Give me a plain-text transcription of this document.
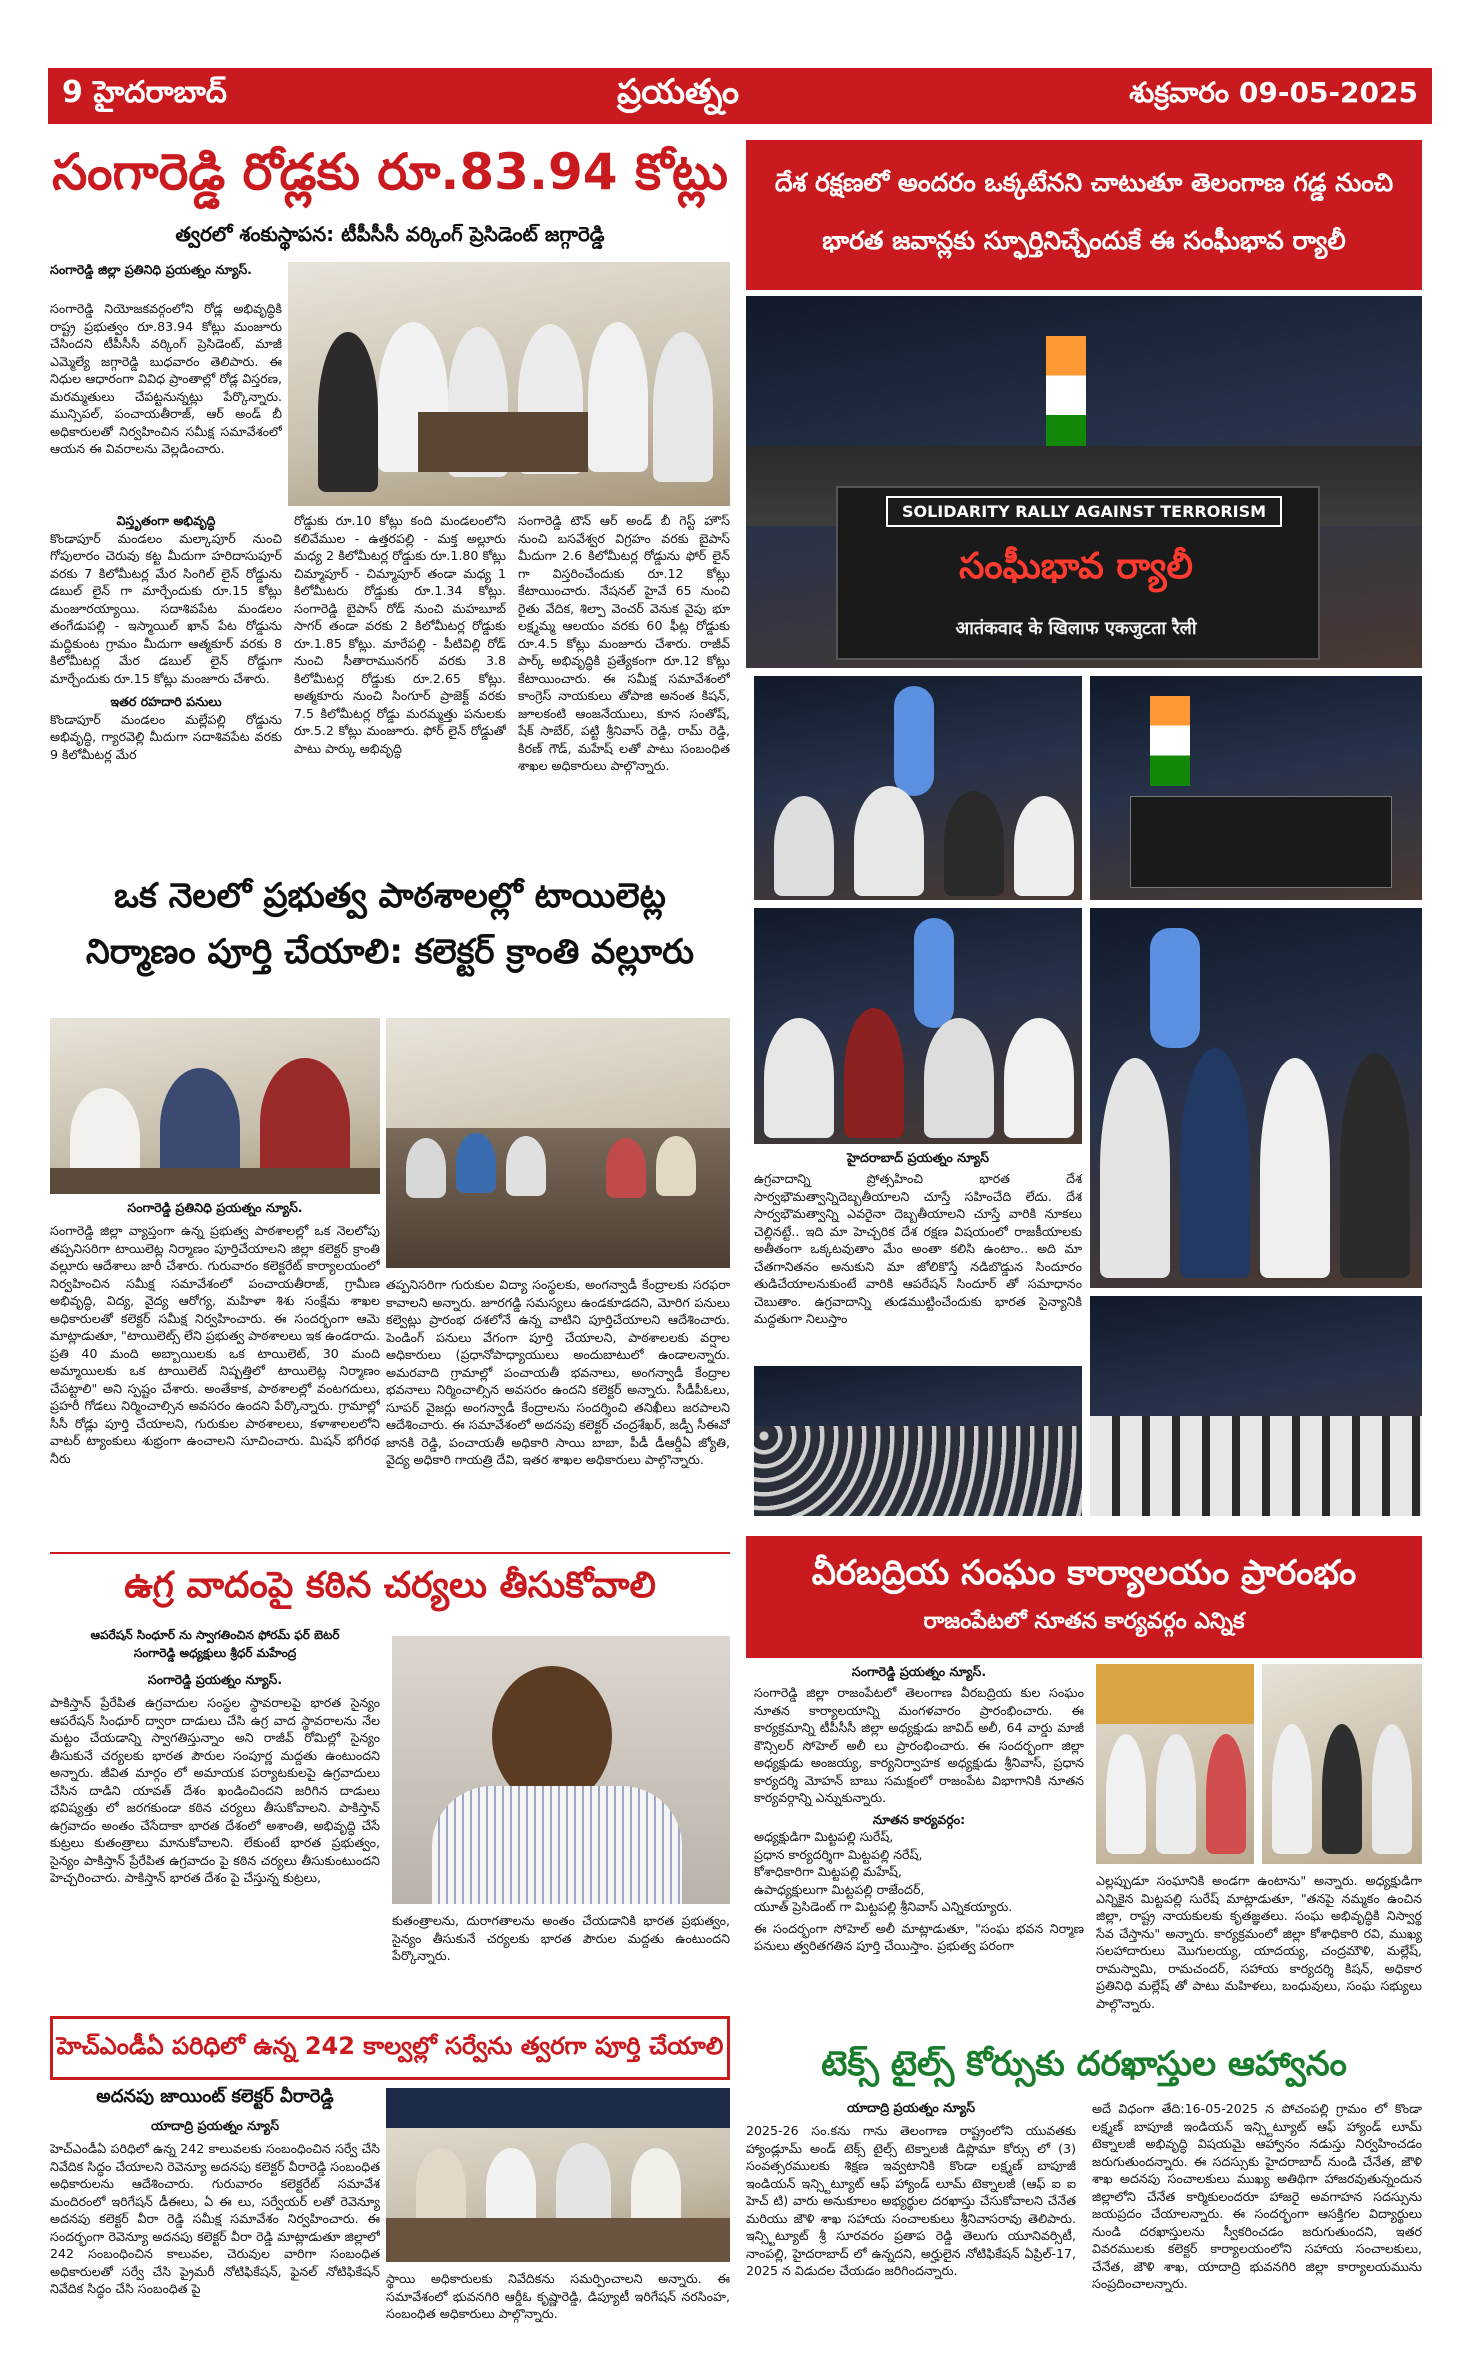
9 హైదరాబాద్	ప్రయత్నం	శుక్రవారం 09-05-2025
సంగారెడ్డి రోడ్లకు రూ.83.94 కోట్లు
త్వరలో శంకుస్థాపన: టీపీసీసీ వర్కింగ్ ప్రెసిడెంట్ జగ్గారెడ్డి
సంగారెడ్డి జిల్లా ప్రతినిధి ప్రయత్నం న్యూస్.
సంగారెడ్డి నియోజకవర్గంలోని రోడ్ల అభివృద్ధికి రాష్ట్ర ప్రభుత్వం రూ.83.94 కోట్లు మంజూరు చేసిందని టీపీసీసీ వర్కింగ్ ప్రెసిడెంట్, మాజీ ఎమ్మెల్యే జగ్గారెడ్డి బుధవారం తెలిపారు. ఈ నిధుల ఆధారంగా వివిధ ప్రాంతాల్లో రోడ్ల విస్తరణ, మరమ్మతులు చేపట్టనున్నట్లు పేర్కొన్నారు. మున్సిపల్, పంచాయతీరాజ్, ఆర్ అండ్ బీ అధికారులతో నిర్వహించిన సమీక్ష సమావేశంలో ఆయన ఈ వివరాలను వెల్లడించారు.
విస్తృతంగా అభివృద్ధి
కొండాపూర్ మండలం మల్కాపూర్ నుంచి గోపులారం చెరువు కట్ట మీదుగా హరిదాసుపూర్ వరకు 7 కిలోమీటర్ల మేర సింగిల్ లైన్ రోడ్డును డబుల్ లైన్ గా మార్చేందుకు రూ.15 కోట్లు మంజూరయ్యాయి. సదాశివపేట మండలం తంగేడుపల్లి - ఇస్మాయిల్ ఖాన్ పేట రోడ్డును మద్దికుంట గ్రామం మీదుగా ఆత్మకూర్ వరకు 8 కిలోమీటర్ల మేర డబుల్ లైన్ రోడ్డుగా మార్చేందుకు రూ.15 కోట్లు మంజూరు చేశారు.
ఇతర రహదారి పనులు
కొండాపూర్ మండలం మల్లేపల్లి రోడ్డును అభివృద్ధి, గ్యారవెల్లి మీదుగా సదాశివపేట వరకు 9 కిలోమీటర్ల మేర
రోడ్డుకు రూ.10 కోట్లు కంది మండలంలోని కలివేముల - ఉత్తరపల్లి - మక్త అల్లూరు మధ్య 2 కిలోమీటర్ల రోడ్డుకు రూ.1.80 కోట్లు చిమ్మాపూర్ - చిమ్మాపూర్ తండా మధ్య 1 కిలోమీటరు రోడ్డుకు రూ.1.34 కోట్లు. సంగారెడ్డి బైపాస్ రోడ్ నుంచి మహబూబ్ సాగర్ తండా వరకు 2 కిలోమీటర్ల రోడ్డుకు రూ.1.85 కోట్లు. మారేపల్లి - పీటివిల్లి రోడ్ నుంచి సీతారామునగర్ వరకు 3.8 కిలోమీటర్ల రోడ్డుకు రూ.2.65 కోట్లు. అత్మకూరు నుంచి సింగూర్ ప్రాజెక్ట్ వరకు 7.5 కిలోమీటర్ల రోడ్డు మరమ్మత్తు పనులకు రూ.5.2 కోట్లు మంజూరు. ఫోర్ లైన్ రోడ్డుతో పాటు పార్కు అభివృద్ధి
సంగారెడ్డి టౌన్ ఆర్ అండ్ బీ గెస్ట్ హౌస్ నుంచి బసవేశ్వర విగ్రహం వరకు బైపాస్ మీదుగా 2.6 కిలోమీటర్ల రోడ్డును ఫోర్ లైన్ గా విస్తరించేందుకు రూ.12 కోట్లు కేటాయించారు. నేషనల్ హైవే 65 నుంచి రైతు వేదిక, శిల్పా వెంచర్ వెనుక వైపు భూ లక్ష్మమ్మ ఆలయం వరకు 60 ఫీట్ల రోడ్డుకు రూ.4.5 కోట్లు మంజూరు చేశారు. రాజీవ్ పార్క్ అభివృద్ధికి ప్రత్యేకంగా రూ.12 కోట్లు కేటాయించారు. ఈ సమీక్ష సమావేశంలో కాంగ్రెస్ నాయకులు తోపాజి అనంత కిషన్, జూలకంటి ఆంజనేయులు, కూన సంతోష్, షేక్ సాబేర్, పట్టి శ్రీనివాస్ రెడ్డి, రామ్ రెడ్డి, కిరణ్ గౌడ్, మహేష్ లతో పాటు సంబంధిత శాఖల అధికారులు పాల్గొన్నారు.
ఒక నెలలో ప్రభుత్వ పాఠశాలల్లో టాయిలెట్ల
నిర్మాణం పూర్తి చేయాలి: కలెక్టర్ క్రాంతి వల్లూరు
సంగారెడ్డి ప్రతినిధి ప్రయత్నం న్యూస్.
సంగారెడ్డి జిల్లా వ్యాప్తంగా ఉన్న ప్రభుత్వ పాఠశాలల్లో ఒక నెలలోపు తప్పనిసరిగా టాయిలెట్ల నిర్మాణం పూర్తిచేయాలని జిల్లా కలెక్టర్ క్రాంతి వల్లూరు ఆదేశాలు జారీ చేశారు. గురువారం కలెక్టరేట్ కార్యాలయంలో నిర్వహించిన సమీక్ష సమావేశంలో పంచాయతీరాజ్, గ్రామీణ అభివృద్ధి, విద్య, వైద్య ఆరోగ్య, మహిళా శిశు సంక్షేమ శాఖల అధికారులతో కలెక్టర్ సమీక్ష నిర్వహించారు. ఈ సందర్భంగా ఆమె మాట్లాడుతూ, "టాయిలెట్స్ లేని ప్రభుత్వ పాఠశాలలు ఇక ఉండరాదు. ప్రతి 40 మంది అబ్బాయిలకు ఒక టాయిలెట్, 30 మంది అమ్మాయిలకు ఒక టాయిలెట్ నిష్పత్తిలో టాయిలెట్ల నిర్మాణం చేపట్టాలి" అని స్పష్టం చేశారు. అంతేకాక, పాఠశాలల్లో వంటగదులు, ప్రహరీ గోడలు నిర్మించాల్సిన అవసరం ఉందని పేర్కొన్నారు. గ్రామాల్లో సీసీ రోడ్లు పూర్తి చేయాలని, గురుకుల పాఠశాలలు, కళాశాలలలోని వాటర్ ట్యాంకులు శుభ్రంగా ఉంచాలని సూచించారు. మిషన్ భగీరథ నీరు
తప్పనిసరిగా గురుకుల విద్యా సంస్థలకు, అంగన్వాడీ కేంద్రాలకు సరఫరా కావాలని అన్నారు. జూరగడ్డి సమస్యలు ఉండకూడదని, మోరిగ పనులు కల్వెట్లు ప్రారంభ దశలోనే ఉన్న వాటిని పూర్తిచేయాలని ఆదేశించారు. పెండింగ్ పనులు వేగంగా పూర్తి చేయాలని, పాఠశాలలకు వర్షాల అధికారులు (ప్రధానోపాధ్యాయులు అందుబాటులో ఉండాలన్నారు. అమరవాది గ్రామాల్లో పంచాయతీ భవనాలు, అంగన్వాడీ కేంద్రాల భవనాలు నిర్మించాల్సిన అవసరం ఉందని కలెక్టర్ అన్నారు. సీడీపీఓలు, సూపర్ వైజర్లు అంగన్వాడీ కేంద్రాలను సందర్శించి తనిఖీలు జరపాలని ఆదేశించారు. ఈ సమావేశంలో అదనపు కలెక్టర్ చంద్రశేఖర్, జడ్పీ సీఈవో జానకి రెడ్డి, పంచాయతీ అధికారి సాయి బాబా, పీడీ డీఆర్డీఏ జ్యోతి, వైద్య అధికారి గాయత్రి దేవి, ఇతర శాఖల అధికారులు పాల్గొన్నారు.
ఉగ్ర వాదంపై కఠిన చర్యలు తీసుకోవాలి
ఆపరేషన్ సింధూర్ ను స్వాగతించిన ఫోరమ్ ఫర్ బెటర్
సంగారెడ్డి అధ్యక్షులు శ్రీధర్ మహేంద్ర
సంగారెడ్డి ప్రయత్నం న్యూస్.
పాకిస్తాన్ ప్రేరేపిత ఉగ్రవాదుల సంస్థల స్థావరాలపై భారత సైన్యం ఆపరేషన్ సింధూర్ ద్వారా దాడులు చేసి ఉగ్ర వాద స్థావరాలను నేల మట్టం చేయడాన్ని స్వాగతిస్తున్నాం అని రాజీవ్ రోమిల్లో సైన్యం తీసుకునే చర్యలకు భారత పౌరుల సంపూర్ణ మద్దతు ఉంటుందని అన్నారు. జీవిత మార్గం లో అమాయక పర్యాటకులపై ఉగ్రవాదులు చేసిన దాడిని యావత్ దేశం ఖండించిందని జరిగిన దాడులు భవిష్యత్తు లో జరగకుండా కఠిన చర్యలు తీసుకోవాలని. పాకిస్తాన్ ఉగ్రవాదం అంతం చేసేదాకా భారత దేశంలో అశాంతి, అభివృద్ధి చేసే కుట్రలు కుతంత్రాలు మానుకోవాలని. లేకుంటే భారత ప్రభుత్వం, సైన్యం పాకిస్తాన్ ప్రేరేపిత ఉగ్రవాదం పై కఠిన చర్యలు తీసుకుంటుందని హెచ్చరించారు. పాకిస్తాన్ భారత దేశం పై చేస్తున్న కుట్రలు,
కుతంత్రాలను, దురాగతాలను అంతం చేయడానికి భారత ప్రభుత్వం, సైన్యం తీసుకునే చర్యలకు భారత పౌరుల మద్దతు ఉంటుందని పేర్కొన్నారు.
హెచ్ఎండీఏ పరిధిలో ఉన్న 242 కాల్వల్లో సర్వేను త్వరగా పూర్తి చేయాలి
అదనపు జాయింట్ కలెక్టర్ వీరారెడ్డి
యాదాద్రి ప్రయత్నం న్యూస్
హెచ్ఎండీఏ పరిధిలో ఉన్న 242 కాలువలకు సంబంధించిన సర్వే చేసి నివేదిక సిద్ధం చేయాలని రెవెన్యూ అదనపు కలెక్టర్ వీరారెడ్డి సంబంధిత అధికారులను ఆదేశించారు. గురువారం కలెక్టరేట్ సమావేశ మందిరంలో ఇరిగేషన్ డీఈలు, ఏ ఈ లు, సర్వేయర్ లతో రెవెన్యూ అదనపు కలెక్టర్ వీరా రెడ్డి సమీక్ష సమావేశం నిర్వహించారు. ఈ సందర్భంగా రెవెన్యూ అదనపు కలెక్టర్ వీరా రెడ్డి మాట్లాడుతూ జిల్లాలో 242 సంబంధించిన కాలువల, చెరువుల వారిగా సంబంధిత అధికారులతో సర్వే చేసి ప్రైమరీ నోటిఫికేషన్, ఫైనల్ నోటిఫికేషన్ నివేదిక సిద్ధం చేసి సంబంధిత పై
స్థాయి అధికారులకు నివేదికను సమర్పించాలని అన్నారు. ఈ సమావేశంలో భువనగిరి ఆర్డీఓ కృష్ణారెడ్డి, డిప్యూటీ ఇరిగేషన్ నరసింహ, సంబంధిత అధికారులు పాల్గొన్నారు.
దేశ రక్షణలో అందరం ఒక్కటేనని చాటుతూ తెలంగాణ గడ్డ నుంచి
భారత జవాన్లకు స్ఫూర్తినిచ్చేందుకే ఈ సంఘీభావ ర్యాలీ
SOLIDARITY RALLY AGAINST TERRORISM
సంఘీభావ ర్యాలీ
आतंकवाद के खिलाफ एकजुटता रैली
హైదరాబాద్ ప్రయత్నం న్యూస్
ఉగ్రవాదాన్ని ప్రోత్సహించి భారత దేశ సార్వభౌమత్వాన్నిదెబ్బతీయాలని చూస్తే సహించేది లేదు. దేశ సార్వభౌమత్వాన్ని ఎవరైనా దెబ్బతీయాలని చూస్తే వారికి నూకలు చెల్లినట్టే.. ఇది మా హెచ్చరిక దేశ రక్షణ విషయంలో రాజకీయాలకు అతీతంగా ఒక్కటవుతాం మేం అంతా కలిసి ఉంటాం.. అది మా చేతగానితనం అనుకుని మా జోలికొస్తే నడిబొడ్డున సిందూరం తుడిచేయాలనుకుంటే వారికి ఆపరేషన్ సిందూర్ తో సమాధానం చెబుతాం. ఉగ్రవాదాన్ని తుడముట్టించేందుకు భారత సైన్యానికి మద్దతుగా నిలుస్తాం
వీరబద్రియ సంఘం కార్యాలయం ప్రారంభం
రాజంపేటలో నూతన కార్యవర్గం ఎన్నిక
సంగారెడ్డి ప్రయత్నం న్యూస్.
సంగారెడ్డి జిల్లా రాజంపేటలో తెలంగాణ వీరబద్రియ కుల సంఘం నూతన కార్యాలయాన్ని మంగళవారం ప్రారంభించారు. ఈ కార్యక్రమాన్ని టీపీసీసీ జిల్లా అధ్యక్షుడు జావిద్ అలీ, 64 వార్డు మాజీ కౌన్సిలర్ సోహెల్ అలీ లు ప్రారంభించారు. ఈ సందర్భంగా జిల్లా అధ్యక్షుడు అంజయ్య, కార్యనిర్వాహక అధ్యక్షుడు శ్రీనివాస్, ప్రధాన కార్యదర్శి మోహన్ బాబు సమక్షంలో రాజంపేట విభాగానికి నూతన కార్యవర్గాన్ని ఎన్నుకున్నారు.
నూతన కార్యవర్గం:
అధ్యక్షుడిగా మిట్టపల్లి సురేష్,
ప్రధాన కార్యదర్శిగా మిట్టపల్లి నరేష్,
కోశాధికారిగా మిట్టపల్లి మహేష్,
ఉపాధ్యక్షులుగా మిట్టపల్లి రాజేందర్,
యూత్ ప్రెసిడెంట్ గా మిట్టపల్లి శ్రీనివాస్ ఎన్నికయ్యారు.
ఈ సందర్భంగా సోహెల్ అలీ మాట్లాడుతూ, "సంఘ భవన నిర్మాణ పనులు త్వరితగతిన పూర్తి చేయిస్తాం. ప్రభుత్వ పరంగా
ఎల్లప్పుడూ సంఘానికి అండగా ఉంటాను" అన్నారు. అధ్యక్షుడిగా ఎన్నికైన మిట్టపల్లి సురేష్ మాట్లాడుతూ, "తనపై నమ్మకం ఉంచిన జిల్లా, రాష్ట్ర నాయకులకు కృతజ్ఞతలు. సంఘ అభివృద్ధికి నిస్వార్థ సేవ చేస్తాను" అన్నారు. కార్యక్రమంలో జిల్లా కోశాధికారి రవి, ముఖ్య సలహాదారులు మొగులయ్య, యాదయ్య, చంద్రమౌళి, మల్లేష్, రామస్వామి, రామచందర్, సహాయ కార్యదర్శి కిషన్, అధికార ప్రతినిధి మల్లేష్ తో పాటు మహిళలు, బంధువులు, సంఘ సభ్యులు పాల్గొన్నారు.
టెక్స్ టైల్స్ కోర్సుకు దరఖాస్తుల ఆహ్వానం
యాదాద్రి ప్రయత్నం న్యూస్
2025-26 సం.కను గాను తెలంగాణ రాష్ట్రంలోని యువతకు హ్యాండ్లూమ్ అండ్ టెక్స్ టైల్స్ టెక్నాలజీ డిప్లొమా కోర్సు లో (3) సంవత్సరములకు శిక్షణ ఇవ్వటానికి కొండా లక్ష్మణ్ బాపూజీ ఇండియన్ ఇన్స్టిట్యూట్ ఆఫ్ హ్యాండ్ లూమ్ టెక్నాలజీ (ఆఫ్ ఐ ఐ హెచ్ టి) వారు అనుకూలం అభ్యర్థుల దరఖాస్తు చేసుకోవాలని చేనేత మరియు జౌళి శాఖ సహాయ సంచాలకులు శ్రీనివాసరావు తెలిపారు. ఇన్స్టిట్యూట్ శ్రీ సూరవరం ప్రతాప రెడ్డి తెలుగు యూనివర్సిటీ, నాంపల్లి, హైదరాబాద్ లో ఉన్నదని, అర్హులైన నోటిఫికేషన్ ఏప్రిల్-17, 2025 న విడుదల చేయడం జరిగిందన్నారు.
అదే విధంగా తేది:16-05-2025 న పోచంపల్లి గ్రామం లో కొండా లక్ష్మణ్ బాపూజీ ఇండియన్ ఇన్స్టిట్యూట్ ఆఫ్ హ్యాండ్ లూమ్ టెక్నాలజీ అభివృద్ధి విషయమై ఆహ్వానం నడుస్తు నిర్వహించడం జరుగుతుందన్నారు. ఈ సదస్సుకు హైదరాబాద్ నుండి చేనేత, జౌళి శాఖ అదనపు సంచాలకులు ముఖ్య అతిథిగా హాజరవుతున్నందున జిల్లాలోని చేనేత కార్మికులందరూ హాజరై అవగాహన సదస్సును జయప్రదం చేయాలన్నారు. ఈ సందర్భంగా ఆసక్తిగల విద్యార్థులు నుండి దరఖాస్తులను స్వీకరించడం జరుగుతుందని, ఇతర వివరములకు కలెక్టర్ కార్యాలయంలోని సహాయ సంచాలకులు, చేనేత, జౌళి శాఖ, యాదాద్రి భువనగిరి జిల్లా కార్యాలయమును సంప్రదించాలన్నారు.
